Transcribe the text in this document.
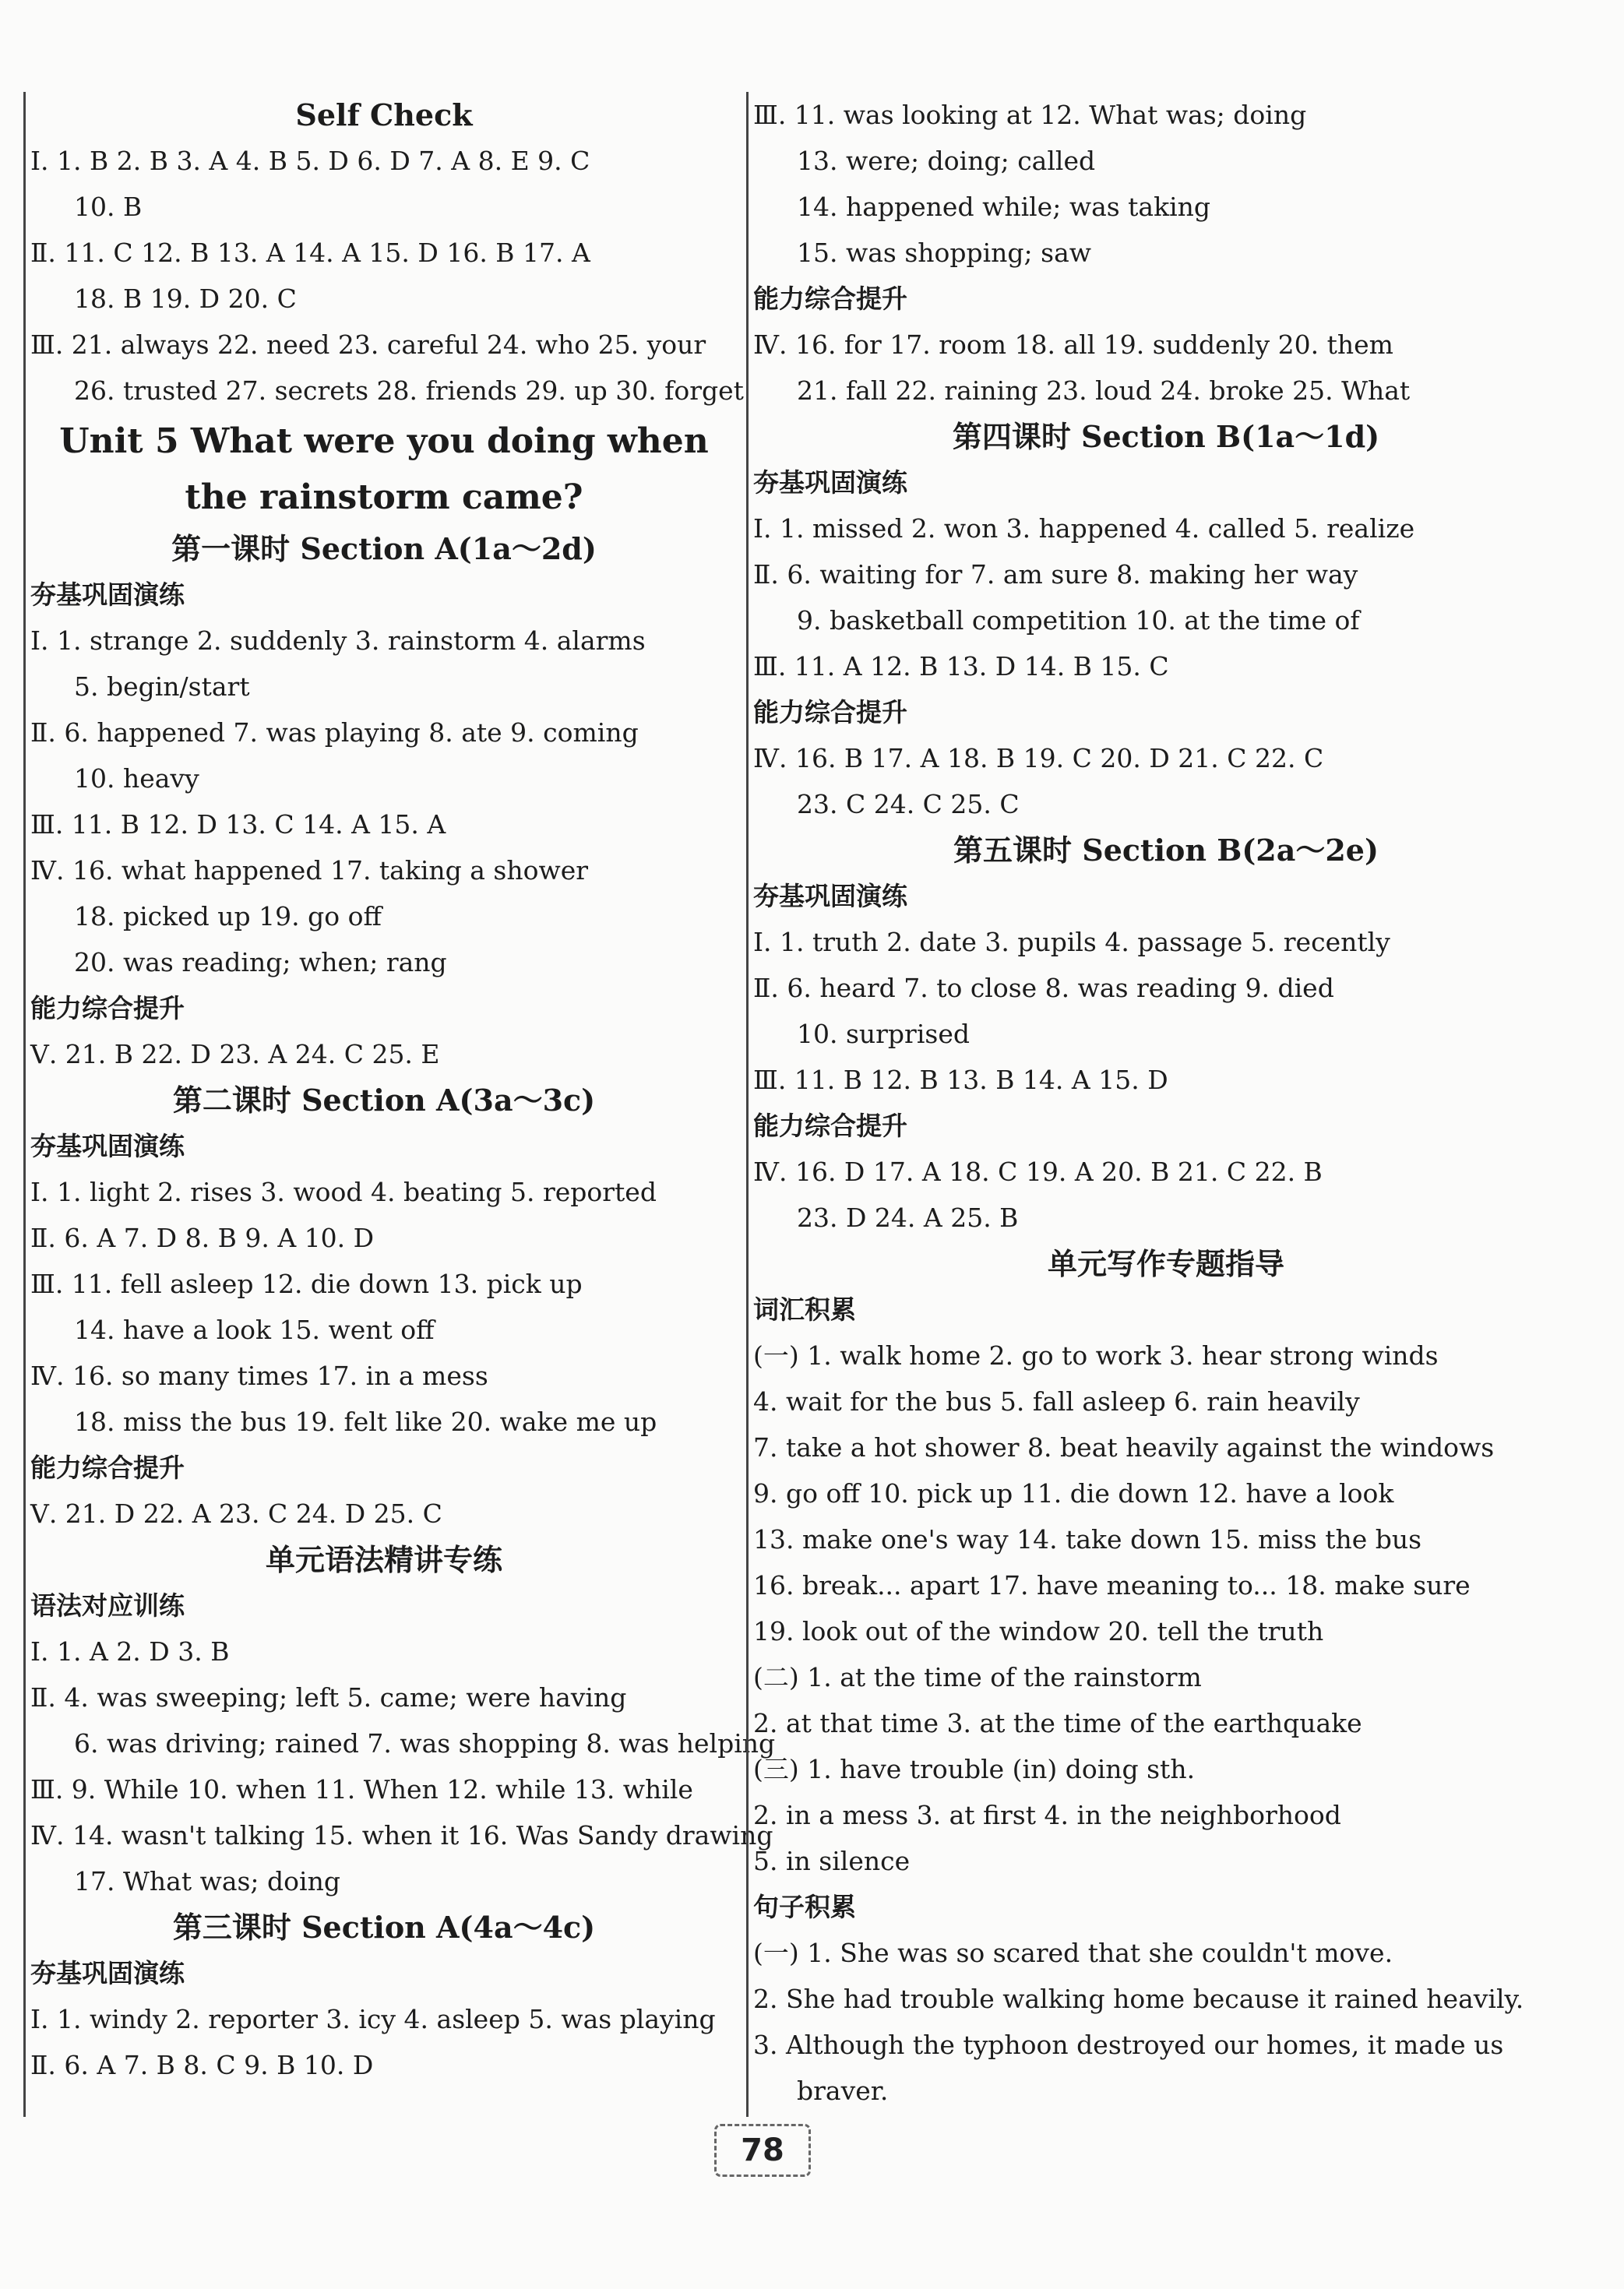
Self Check
Ⅰ. 1. B 2. B 3. A 4. B 5. D 6. D 7. A 8. E 9. C
10. B
Ⅱ. 11. C 12. B 13. A 14. A 15. D 16. B 17. A
18. B 19. D 20. C
Ⅲ. 21. always 22. need 23. careful 24. who 25. your
26. trusted 27. secrets 28. friends 29. up 30. forget
Unit 5 What were you doing when
the rainstorm came?
第一课时 Section A(1a～2d)
夯基巩固演练
Ⅰ. 1. strange 2. suddenly 3. rainstorm 4. alarms
5. begin/start
Ⅱ. 6. happened 7. was playing 8. ate 9. coming
10. heavy
Ⅲ. 11. B 12. D 13. C 14. A 15. A
Ⅳ. 16. what happened 17. taking a shower
18. picked up 19. go off
20. was reading; when; rang
能力综合提升
Ⅴ. 21. B 22. D 23. A 24. C 25. E
第二课时 Section A(3a～3c)
夯基巩固演练
Ⅰ. 1. light 2. rises 3. wood 4. beating 5. reported
Ⅱ. 6. A 7. D 8. B 9. A 10. D
Ⅲ. 11. fell asleep 12. die down 13. pick up
14. have a look 15. went off
Ⅳ. 16. so many times 17. in a mess
18. miss the bus 19. felt like 20. wake me up
能力综合提升
Ⅴ. 21. D 22. A 23. C 24. D 25. C
单元语法精讲专练
语法对应训练
Ⅰ. 1. A 2. D 3. B
Ⅱ. 4. was sweeping; left 5. came; were having
6. was driving; rained 7. was shopping 8. was helping
Ⅲ. 9. While 10. when 11. When 12. while 13. while
Ⅳ. 14. wasn't talking 15. when it 16. Was Sandy drawing
17. What was; doing
第三课时 Section A(4a～4c)
夯基巩固演练
Ⅰ. 1. windy 2. reporter 3. icy 4. asleep 5. was playing
Ⅱ. 6. A 7. B 8. C 9. B 10. D
Ⅲ. 11. was looking at 12. What was; doing
13. were; doing; called
14. happened while; was taking
15. was shopping; saw
能力综合提升
Ⅳ. 16. for 17. room 18. all 19. suddenly 20. them
21. fall 22. raining 23. loud 24. broke 25. What
第四课时 Section B(1a～1d)
夯基巩固演练
Ⅰ. 1. missed 2. won 3. happened 4. called 5. realize
Ⅱ. 6. waiting for 7. am sure 8. making her way
9. basketball competition 10. at the time of
Ⅲ. 11. A 12. B 13. D 14. B 15. C
能力综合提升
Ⅳ. 16. B 17. A 18. B 19. C 20. D 21. C 22. C
23. C 24. C 25. C
第五课时 Section B(2a～2e)
夯基巩固演练
Ⅰ. 1. truth 2. date 3. pupils 4. passage 5. recently
Ⅱ. 6. heard 7. to close 8. was reading 9. died
10. surprised
Ⅲ. 11. B 12. B 13. B 14. A 15. D
能力综合提升
Ⅳ. 16. D 17. A 18. C 19. A 20. B 21. C 22. B
23. D 24. A 25. B
单元写作专题指导
词汇积累
(一) 1. walk home 2. go to work 3. hear strong winds
4. wait for the bus 5. fall asleep 6. rain heavily
7. take a hot shower 8. beat heavily against the windows
9. go off 10. pick up 11. die down 12. have a look
13. make one's way 14. take down 15. miss the bus
16. break... apart 17. have meaning to... 18. make sure
19. look out of the window 20. tell the truth
(二) 1. at the time of the rainstorm
2. at that time 3. at the time of the earthquake
(三) 1. have trouble (in) doing sth.
2. in a mess 3. at first 4. in the neighborhood
5. in silence
句子积累
(一) 1. She was so scared that she couldn't move.
2. She had trouble walking home because it rained heavily.
3. Although the typhoon destroyed our homes, it made us
braver.
78
